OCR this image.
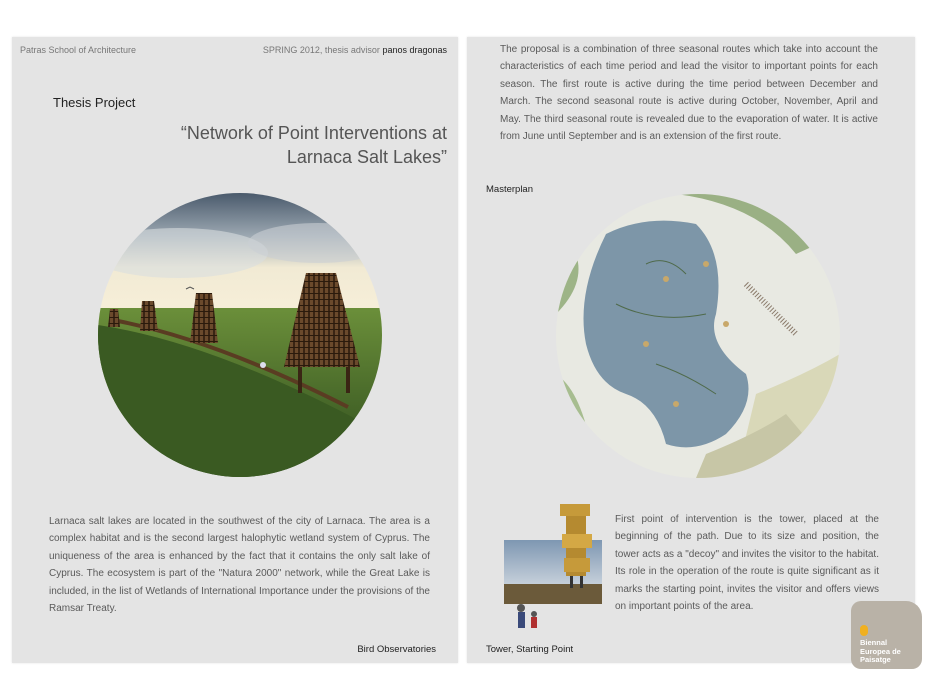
Patras School of Architecture	SPRING 2012, thesis advisor panos dragonas
Thesis Project
“Network of Point Interventions at
Larnaca Salt Lakes”
Larnaca salt lakes are located in the southwest of the city of Larnaca. The area is a complex habitat and is the second largest halophytic wetland system of Cyprus. The uniqueness of the area is enhanced by the fact that it contains the only salt lake of Cyprus. The ecosystem is part of the "Natura 2000" network, while the Great Lake is included, in the list of Wetlands of International Importance under the provisions of the Ramsar Treaty.
Bird Observatories
The proposal is a combination of three seasonal routes which take into account the characteristics of each time period and lead the visitor to important points for each season. The first route is active during the time period between December and March. The second seasonal route is active during October, November, April and May. The third seasonal route is revealed due to the evaporation of water. It is active from June until September and is an extension of the first route.
Masterplan
First point of intervention is the tower, placed at the beginning of the path. Due to its size and position, the tower acts as a "decoy" and invites the visitor to the habitat. Its role in the operation of the route is quite significant as it marks the starting point, invites the visitor and offers views on important points of the area.
Tower, Starting Point
Biennal
Europea de
Paisatge
